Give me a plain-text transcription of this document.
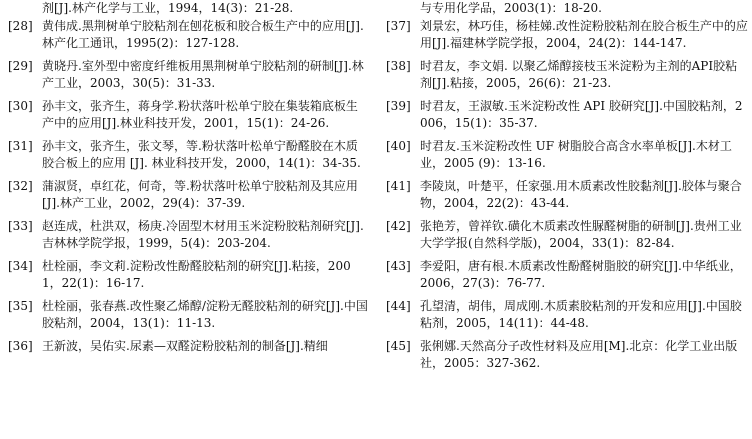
剂[J].林产化学与工业，1994，14(3)：21-28.
[28] 黄伟成.黑荆树单宁胶粘剂在刨花板和胶合板生产中的应用[J].林产化工通讯，1995(2)：127-128.
[29] 黄晓丹.室外型中密度纤维板用黑荆树单宁胶粘剂的研制[J].林产工业，2003，30(5)：31-33.
[30] 孙丰文，张齐生，蒋身学.粉状落叶松单宁胶在集装箱底板生产中的应用[J].林业科技开发，2001，15(1)：24-26.
[31] 孙丰文，张齐生，张文琴，等.粉状落叶松单宁酚醛胶在木质胶合板上的应用 [J]. 林业科技开发，2000，14(1)：34-35.
[32] 蒲淑贤，卓红花，何奇，等.粉状落叶松单宁胶粘剂及其应用[J].林产工业，2002，29(4)：37-39.
[33] 赵连成，杜洪双，杨庚.冷固型木材用玉米淀粉胶粘剂研究[J].吉林林学院学报，1999，5(4)：203-204.
[34] 杜栓丽，李文莉.淀粉改性酚醛胶粘剂的研究[J].粘接，2001，22(1)：16-17.
[35] 杜栓丽，张春燕.改性聚乙烯醇/淀粉无醛胶粘剂的研究[J].中国胶粘剂，2004，13(1)：11-13.
[36] 王新波，吴佑实.尿素—双醛淀粉胶粘剂的制备[J].精细
与专用化学品，2003(1)：18-20.
[37] 刘景宏，林巧佳，杨桂娣.改性淀粉胶粘剂在胶合板生产中的应用[J].福建林学院学报，2004，24(2)：144-147.
[38] 时君友，李文娟. 以聚乙烯醇接枝玉米淀粉为主剂的API胶粘剂[J].粘接，2005，26(6)：21-23.
[39] 时君友，王淑敏.玉米淀粉改性 API 胶研究[J].中国胶粘剂，2006，15(1)：35-37.
[40] 时君友.玉米淀粉改性 UF 树脂胶合高含水率单板[J].木材工业，2005 (9)：13-16.
[41] 李陵岚，叶楚平，任家强.用木质素改性胶黏剂[J].胶体与聚合物，2004，22(2)：43-44.
[42] 张艳芳，曾祥钦.磺化木质素改性脲醛树脂的研制[J].贵州工业大学学报(自然科学版)，2004，33(1)：82-84.
[43] 李爱阳，唐有根.木质素改性酚醛树脂胶的研究[J].中华纸业，2006，27(3)：76-77.
[44] 孔望清，胡伟，周成刚.木质素胶粘剂的开发和应用[J].中国胶粘剂，2005，14(11)：44-48.
[45] 张俐娜.天然高分子改性材料及应用[M].北京：化学工业出版社，2005：327-362.
